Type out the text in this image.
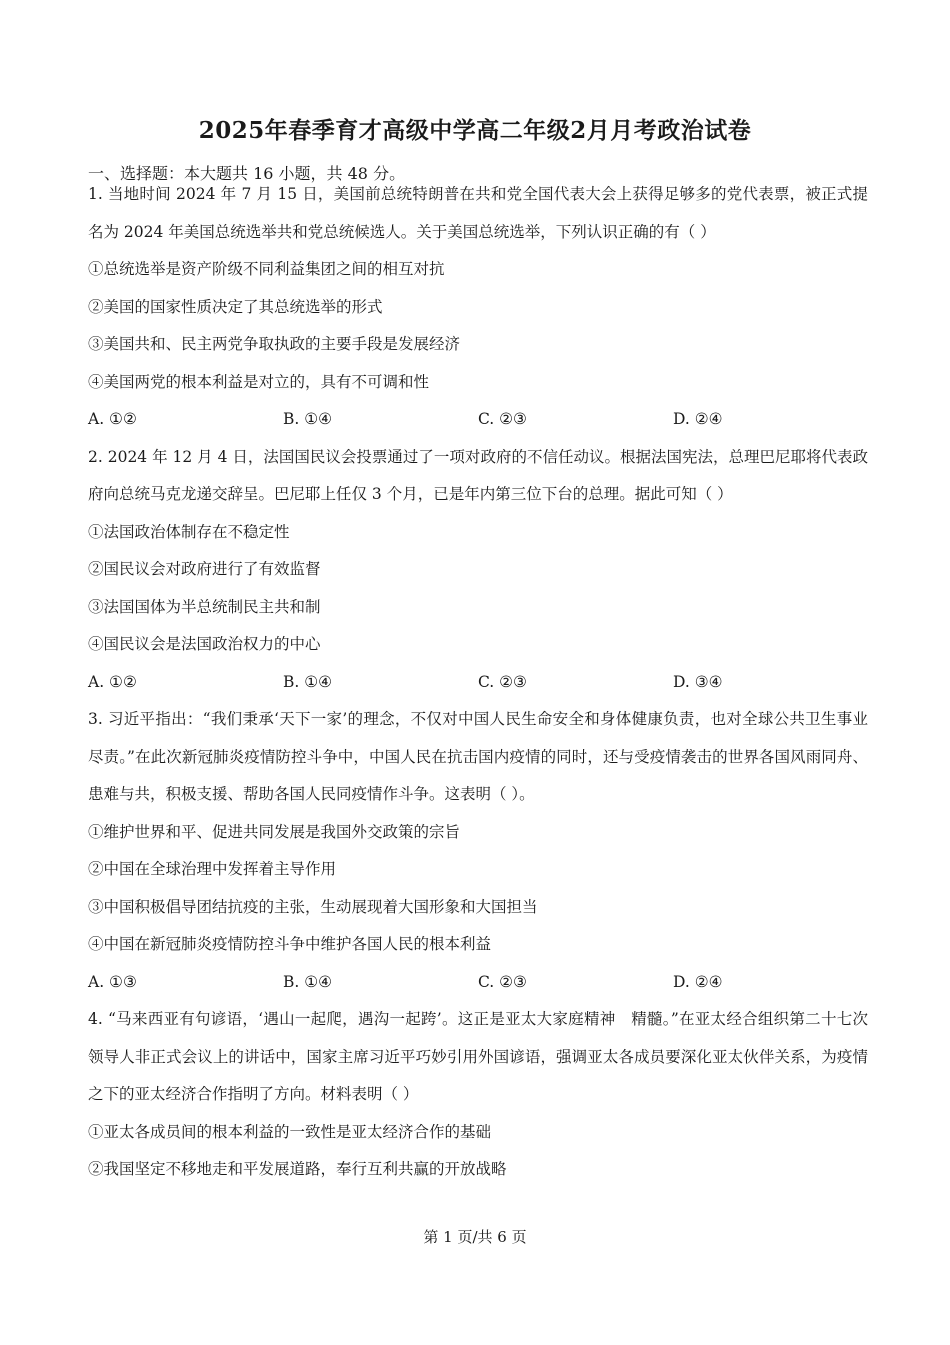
2025年春季育才高级中学高二年级2月月考政治试卷
一、选择题：本大题共 16 小题，共 48 分。

1. 当地时间 2024 年 7 月 15 日，美国前总统特朗普在共和党全国代表大会上获得足够多的党代表票，被正式提名为 2024 年美国总统选举共和党总统候选人。关于美国总统选举，下列认识正确的有（ ）

①总统选举是资产阶级不同利益集团之间的相互对抗

②美国的国家性质决定了其总统选举的形式

③美国共和、民主两党争取执政的主要手段是发展经济

④美国两党的根本利益是对立的，具有不可调和性

A. ①②	B. ①④	C. ②③	D. ②④

2. 2024 年 12 月 4 日，法国国民议会投票通过了一项对政府的不信任动议。根据法国宪法，总理巴尼耶将代表政府向总统马克龙递交辞呈。巴尼耶上任仅 3 个月，已是年内第三位下台的总理。据此可知（ ）

①法国政治体制存在不稳定性

②国民议会对政府进行了有效监督

③法国国体为半总统制民主共和制

④国民议会是法国政治权力的中心

A. ①②	B. ①④	C. ②③	D. ③④

3. 习近平指出：“我们秉承‘天下一家’的理念，不仅对中国人民生命安全和身体健康负责，也对全球公共卫生事业尽责。”在此次新冠肺炎疫情防控斗争中，中国人民在抗击国内疫情的同时，还与受疫情袭击的世界各国风雨同舟、患难与共，积极支援、帮助各国人民同疫情作斗争。这表明（ ）。

①维护世界和平、促进共同发展是我国外交政策的宗旨

②中国在全球治理中发挥着主导作用

③中国积极倡导团结抗疫的主张，生动展现着大国形象和大国担当

④中国在新冠肺炎疫情防控斗争中维护各国人民的根本利益

A. ①③	B. ①④	C. ②③	D. ②④

4. “马来西亚有句谚语，‘遇山一起爬，遇沟一起跨’。这正是亚太大家庭精神　精髓。”在亚太经合组织第二十七次领导人非正式会议上的讲话中，国家主席习近平巧妙引用外国谚语，强调亚太各成员要深化亚太伙伴关系，为疫情之下的亚太经济合作指明了方向。材料表明（ ）

①亚太各成员间的根本利益的一致性是亚太经济合作的基础

②我国坚定不移地走和平发展道路，奉行互利共赢的开放战略

第 1 页/共 6 页
